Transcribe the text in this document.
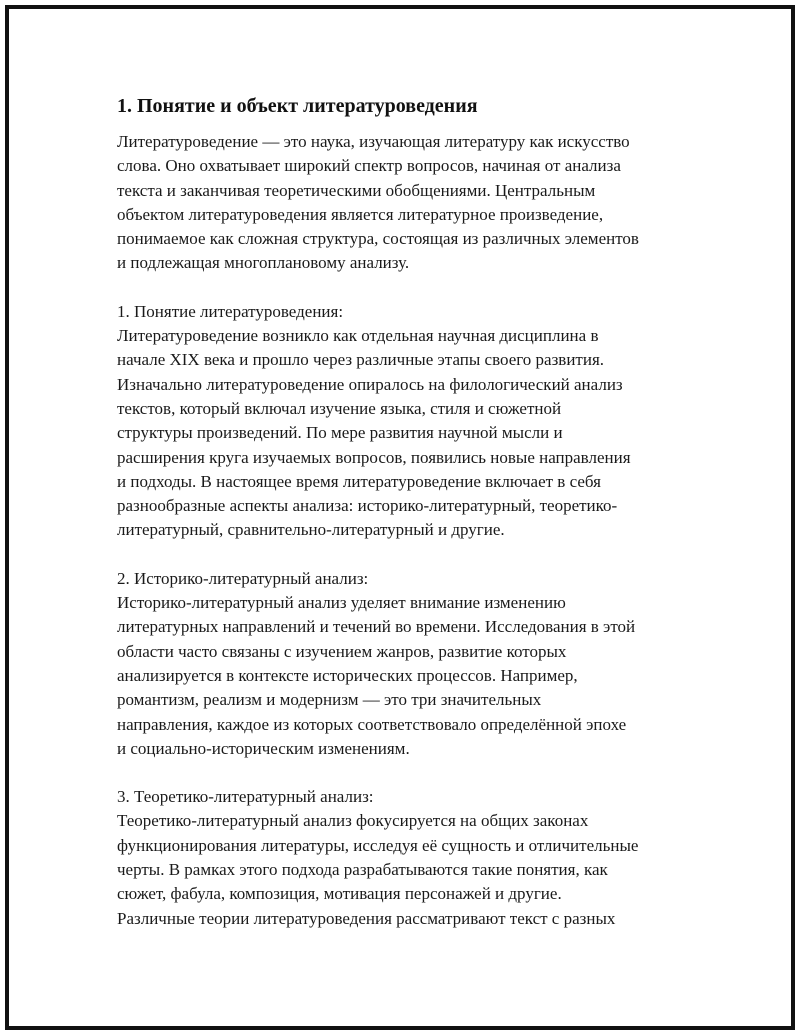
1. Понятие и объект литературоведения

Литературоведение — это наука, изучающая литературу как искусство
слова. Оно охватывает широкий спектр вопросов, начиная от анализа
текста и заканчивая теоретическими обобщениями. Центральным
объектом литературоведения является литературное произведение,
понимаемое как сложная структура, состоящая из различных элементов
и подлежащая многоплановому анализу.

1. Понятие литературоведения:

Литературоведение возникло как отдельная научная дисциплина в
начале XIX века и прошло через различные этапы своего развития.
Изначально литературоведение опиралось на филологический анализ
текстов, который включал изучение языка, стиля и сюжетной
структуры произведений. По мере развития научной мысли и
расширения круга изучаемых вопросов, появились новые направления
и подходы. В настоящее время литературоведение включает в себя
разнообразные аспекты анализа: историко-литературный, теоретико-
литературный, сравнительно-литературный и другие.

2. Историко-литературный анализ:

Историко-литературный анализ уделяет внимание изменению
литературных направлений и течений во времени. Исследования в этой
области часто связаны с изучением жанров, развитие которых
анализируется в контексте исторических процессов. Например,
романтизм, реализм и модернизм — это три значительных
направления, каждое из которых соответствовало определённой эпохе
и социально-историческим изменениям.

3. Теоретико-литературный анализ:

Теоретико-литературный анализ фокусируется на общих законах
функционирования литературы, исследуя её сущность и отличительные
черты. В рамках этого подхода разрабатываются такие понятия, как
сюжет, фабула, композиция, мотивация персонажей и другие.
Различные теории литературоведения рассматривают текст с разных
